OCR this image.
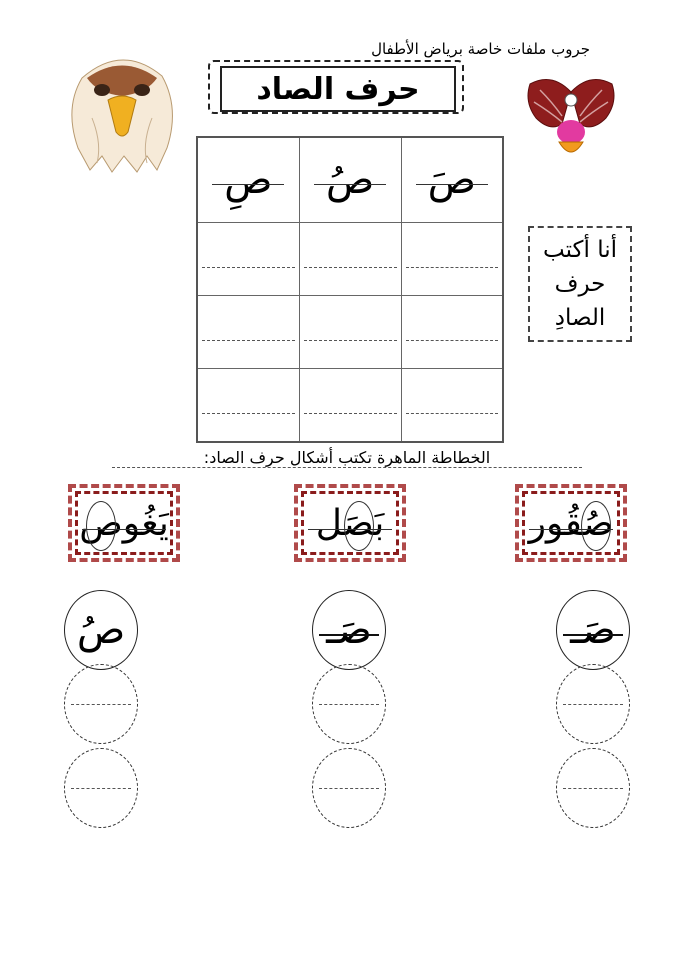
جروب ملفات خاصة برياض الأطفال
حرف الصاد
صِ	صُ	صَ

أنا أكتب
حرف
الصادِ
الخطاطة الماهرة تكتب أشكال حرف الصاد:
صُقُور
بَصَل
يَغُوص
صَـ
صَـ
صُ
